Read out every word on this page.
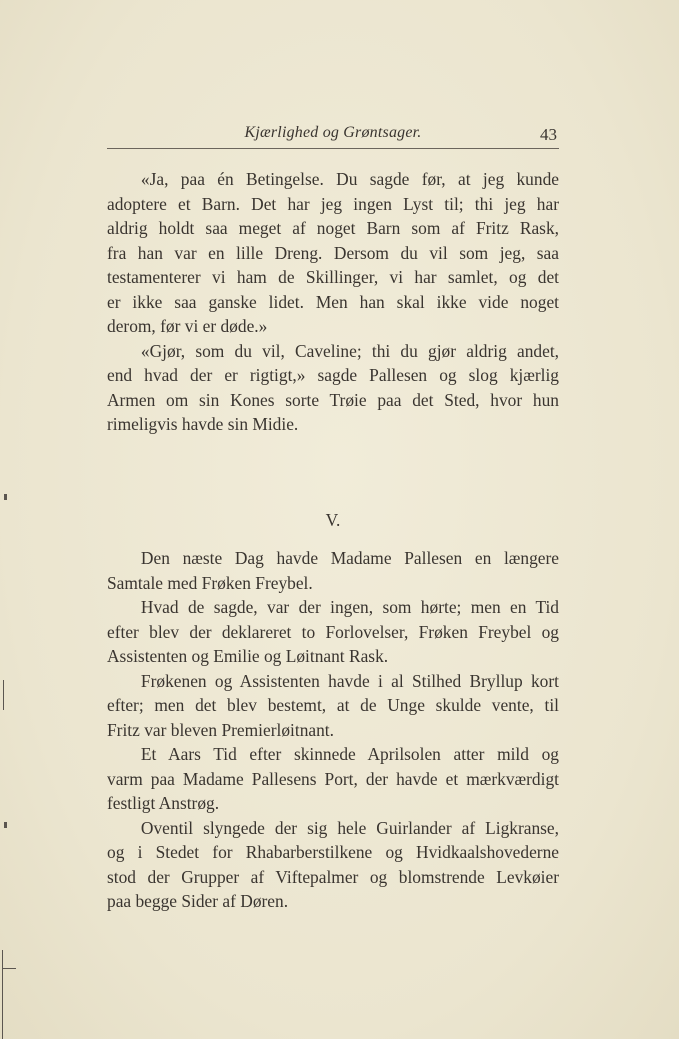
Kjærlighed og Grøntsager.	43

«Ja, paa én Betingelse. Du sagde før, at jeg kunde
adoptere et Barn. Det har jeg ingen Lyst til; thi jeg har
aldrig holdt saa meget af noget Barn som af Fritz Rask,
fra han var en lille Dreng. Dersom du vil som jeg, saa
testamenterer vi ham de Skillinger, vi har samlet, og det
er ikke saa ganske lidet. Men han skal ikke vide noget
derom, før vi er døde.»

«Gjør, som du vil, Caveline; thi du gjør aldrig andet,
end hvad der er rigtigt,» sagde Pallesen og slog kjærlig
Armen om sin Kones sorte Trøie paa det Sted, hvor hun
rimeligvis havde sin Midie.

V.

Den næste Dag havde Madame Pallesen en længere
Samtale med Frøken Freybel.

Hvad de sagde, var der ingen, som hørte; men en Tid
efter blev der deklareret to Forlovelser, Frøken Freybel og
Assistenten og Emilie og Løitnant Rask.

Frøkenen og Assistenten havde i al Stilhed Bryllup kort
efter; men det blev bestemt, at de Unge skulde vente, til
Fritz var bleven Premierløitnant.

Et Aars Tid efter skinnede Aprilsolen atter mild og
varm paa Madame Pallesens Port, der havde et mærkværdigt
festligt Anstrøg.

Oventil slyngede der sig hele Guirlander af Ligkranse,
og i Stedet for Rhabarberstilkene og Hvidkaalshovederne
stod der Grupper af Viftepalmer og blomstrende Levkøier
paa begge Sider af Døren.
